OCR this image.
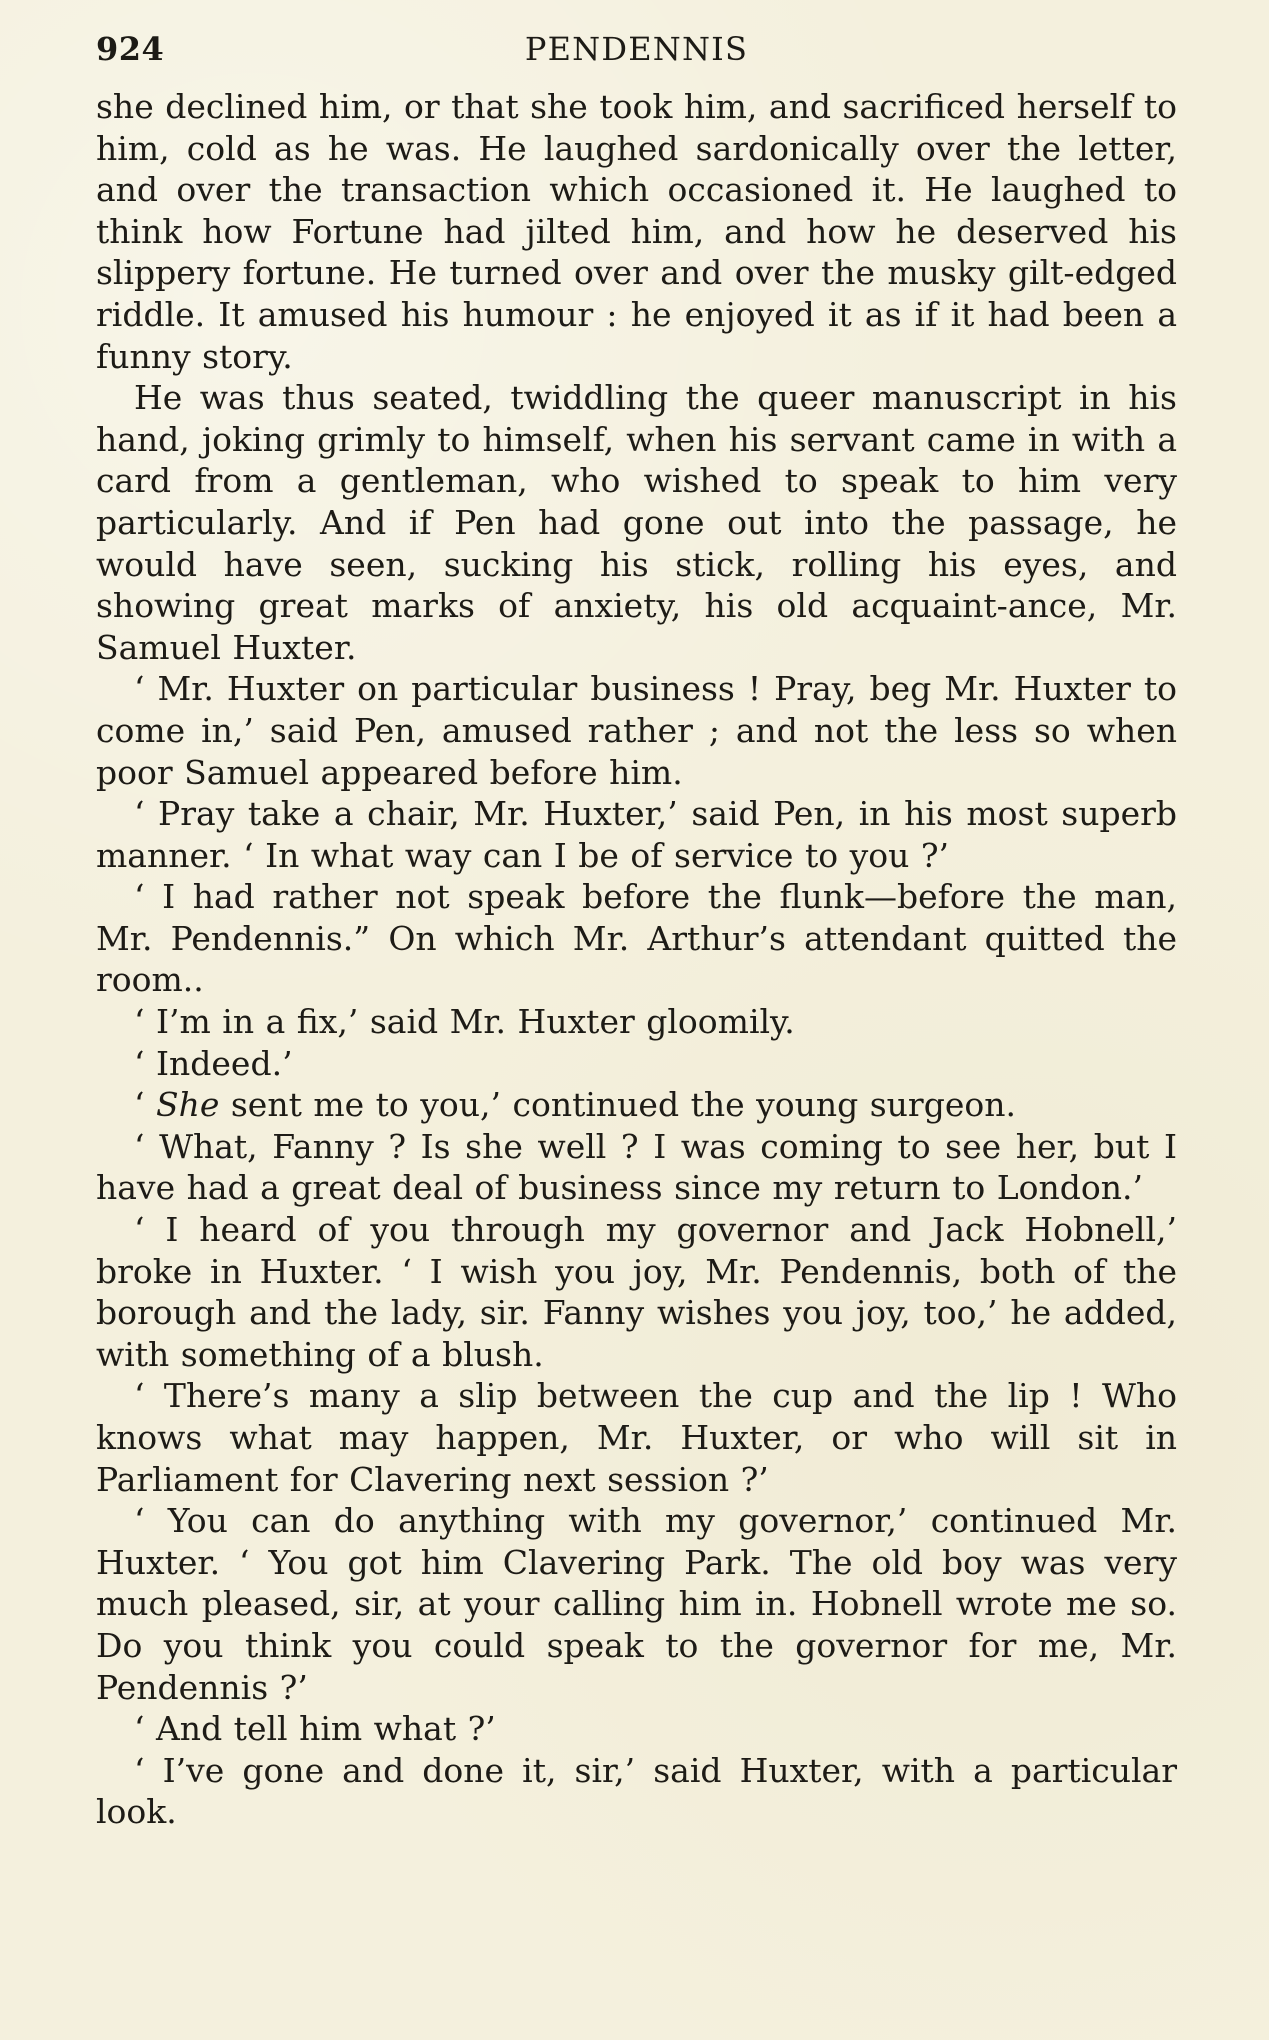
924	PENDENNIS

she declined him, or that she took him, and sacrificed herself to him, cold as he was. He laughed sardonically over the letter, and over the transaction which occasioned it. He laughed to think how Fortune had jilted him, and how he deserved his slippery fortune. He turned over and over the musky gilt-edged riddle. It amused his humour : he enjoyed it as if it had been a funny story.

He was thus seated, twiddling the queer manuscript in his hand, joking grimly to himself, when his servant came in with a card from a gentleman, who wished to speak to him very particularly. And if Pen had gone out into the passage, he would have seen, sucking his stick, rolling his eyes, and showing great marks of anxiety, his old acquaint-ance, Mr. Samuel Huxter.

‘ Mr. Huxter on particular business ! Pray, beg Mr. Huxter to come in,’ said Pen, amused rather ; and not the less so when poor Samuel appeared before him.

‘ Pray take a chair, Mr. Huxter,’ said Pen, in his most superb manner. ‘ In what way can I be of service to you ?’

‘ I had rather not speak before the flunk—before the man, Mr. Pendennis.” On which Mr. Arthur’s attendant quitted the room..

‘ I’m in a fix,’ said Mr. Huxter gloomily.

‘ Indeed.’

‘ She sent me to you,’ continued the young surgeon.

‘ What, Fanny ? Is she well ? I was coming to see her, but I have had a great deal of business since my return to London.’

‘ I heard of you through my governor and Jack Hobnell,’ broke in Huxter. ‘ I wish you joy, Mr. Pendennis, both of the borough and the lady, sir. Fanny wishes you joy, too,’ he added, with something of a blush.

‘ There’s many a slip between the cup and the lip ! Who knows what may happen, Mr. Huxter, or who will sit in Parliament for Clavering next session ?’

‘ You can do anything with my governor,’ continued Mr. Huxter. ‘ You got him Clavering Park. The old boy was very much pleased, sir, at your calling him in. Hobnell wrote me so. Do you think you could speak to the governor for me, Mr. Pendennis ?’

‘ And tell him what ?’

‘ I’ve gone and done it, sir,’ said Huxter, with a particular look.
